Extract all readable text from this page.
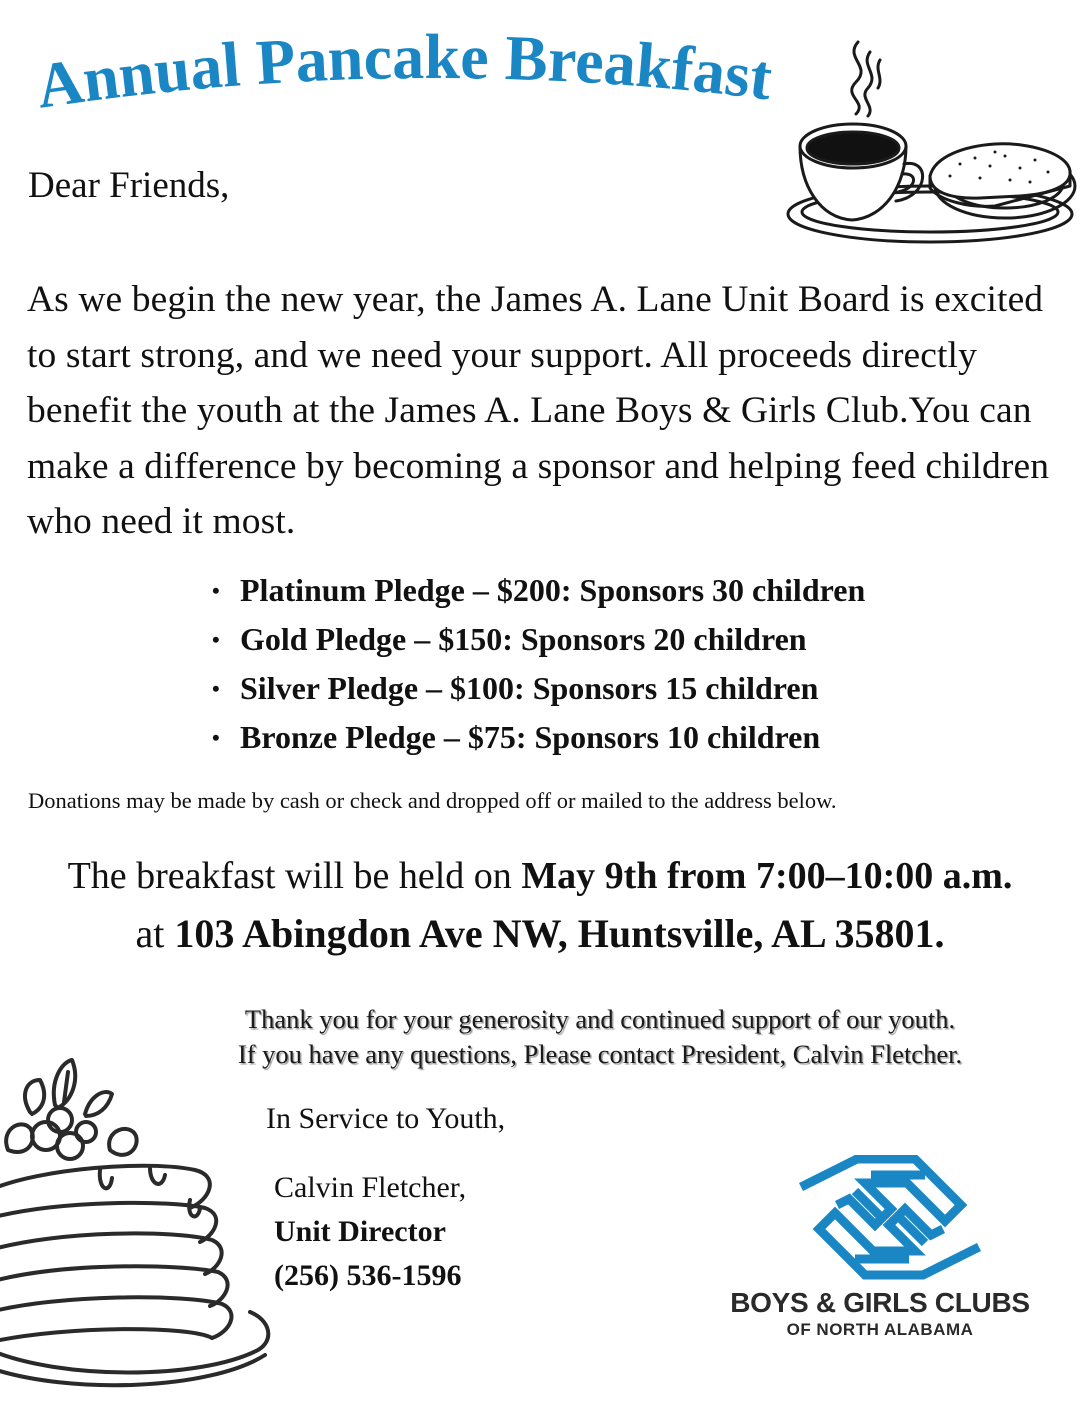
Annual Pancake Breakfast

Dear Friends,

As we begin the new year, the James A. Lane Unit Board is excited to start strong, and we need your support. All proceeds directly benefit the youth at the James A. Lane Boys & Girls Club.You can make a difference by becoming a sponsor and helping feed children who need it most.

• Platinum Pledge – $200: Sponsors 30 children
• Gold Pledge – $150: Sponsors 20 children
• Silver Pledge – $100: Sponsors 15 children
• Bronze Pledge – $75: Sponsors 10 children

Donations may be made by cash or check and dropped off or mailed to the address below.

The breakfast will be held on May 9th from 7:00–10:00 a.m.
at 103 Abingdon Ave NW, Huntsville, AL 35801.

Thank you for your generosity and continued support of our youth.
If you have any questions, Please contact President, Calvin Fletcher.

In Service to Youth,

Calvin Fletcher,
Unit Director
(256) 536-1596
BOYS & GIRLS CLUBS
OF NORTH ALABAMA
